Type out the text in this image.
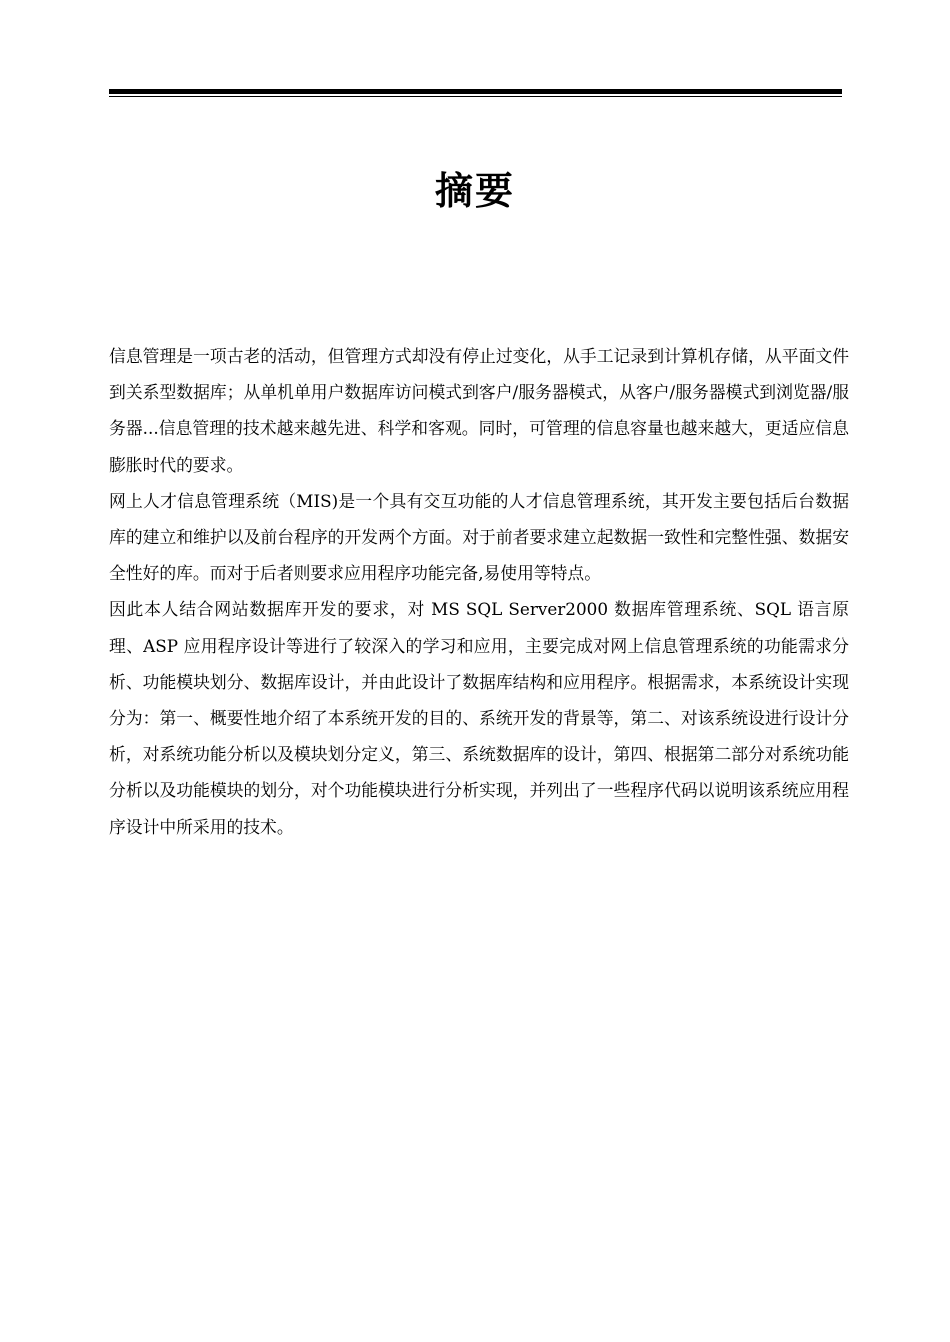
摘要

信息管理是一项古老的活动，但管理方式却没有停止过变化，从手工记录到计算机存储，从平面文件到关系型数据库；从单机单用户数据库访问模式到客户/服务器模式，从客户/服务器模式到浏览器/服务器...信息管理的技术越来越先进、科学和客观。同时，可管理的信息容量也越来越大，更适应信息膨胀时代的要求。

网上人才信息管理系统（MIS)是一个具有交互功能的人才信息管理系统，其开发主要包括后台数据库的建立和维护以及前台程序的开发两个方面。对于前者要求建立起数据一致性和完整性强、数据安全性好的库。而对于后者则要求应用程序功能完备,易使用等特点。

因此本人结合网站数据库开发的要求，对 MS SQL Server2000 数据库管理系统、SQL 语言原理、ASP 应用程序设计等进行了较深入的学习和应用，主要完成对网上信息管理系统的功能需求分析、功能模块划分、数据库设计，并由此设计了数据库结构和应用程序。根据需求，本系统设计实现分为：第一、概要性地介绍了本系统开发的目的、系统开发的背景等，第二、对该系统设进行设计分析，对系统功能分析以及模块划分定义，第三、系统数据库的设计，第四、根据第二部分对系统功能分析以及功能模块的划分，对个功能模块进行分析实现，并列出了一些程序代码以说明该系统应用程序设计中所采用的技术。
